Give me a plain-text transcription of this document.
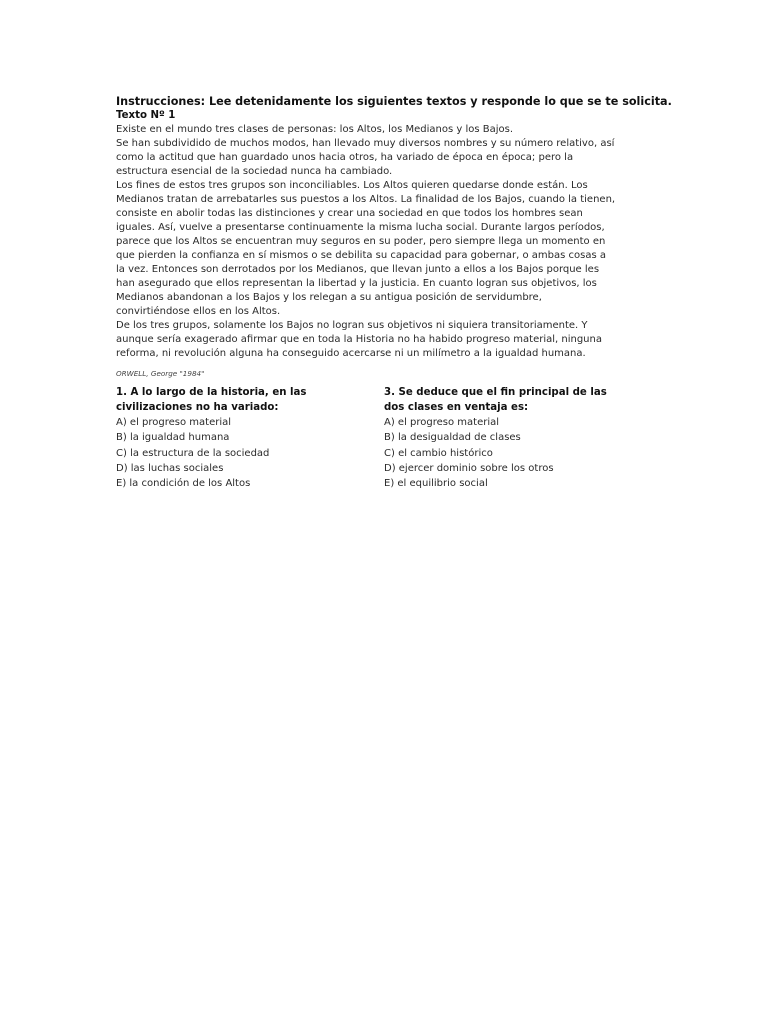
Instrucciones: Lee detenidamente los siguientes textos y responde lo que se te solicita.

Texto Nº 1

Existe en el mundo tres clases de personas: los Altos, los Medianos y los Bajos.

Se han subdividido de muchos modos, han llevado muy diversos nombres y su número relativo, así como la actitud que han guardado unos hacia otros, ha variado de época en época; pero la estructura esencial de la sociedad nunca ha cambiado.

Los fines de estos tres grupos son inconciliables. Los Altos quieren quedarse donde están. Los Medianos tratan de arrebatarles sus puestos a los Altos. La finalidad de los Bajos, cuando la tienen, consiste en abolir todas las distinciones y crear una sociedad en que todos los hombres sean iguales. Así, vuelve a presentarse continuamente la misma lucha social. Durante largos períodos, parece que los Altos se encuentran muy seguros en su poder, pero siempre llega un momento en que pierden la confianza en sí mismos o se debilita su capacidad para gobernar, o ambas cosas a la vez. Entonces son derrotados por los Medianos, que llevan junto a ellos a los Bajos porque les han asegurado que ellos representan la libertad y la justicia. En cuanto logran sus objetivos, los Medianos abandonan a los Bajos y los relegan a su antigua posición de servidumbre, convirtiéndose ellos en los Altos.

De los tres grupos, solamente los Bajos no logran sus objetivos ni siquiera transitoriamente. Y aunque sería exagerado afirmar que en toda la Historia no ha habido progreso material, ninguna reforma, ni revolución alguna ha conseguido acercarse ni un milímetro a la igualdad humana.

ORWELL, George "1984"

1. A lo largo de la historia, en las civilizaciones no ha variado:

A) el progreso material
B) la igualdad humana
C) la estructura de la sociedad
D) las luchas sociales
E) la condición de los Altos

3. Se deduce que el fin principal de las dos clases en ventaja es:

A) el progreso material
B) la desigualdad de clases
C) el cambio histórico
D) ejercer dominio sobre los otros
E) el equilibrio social
